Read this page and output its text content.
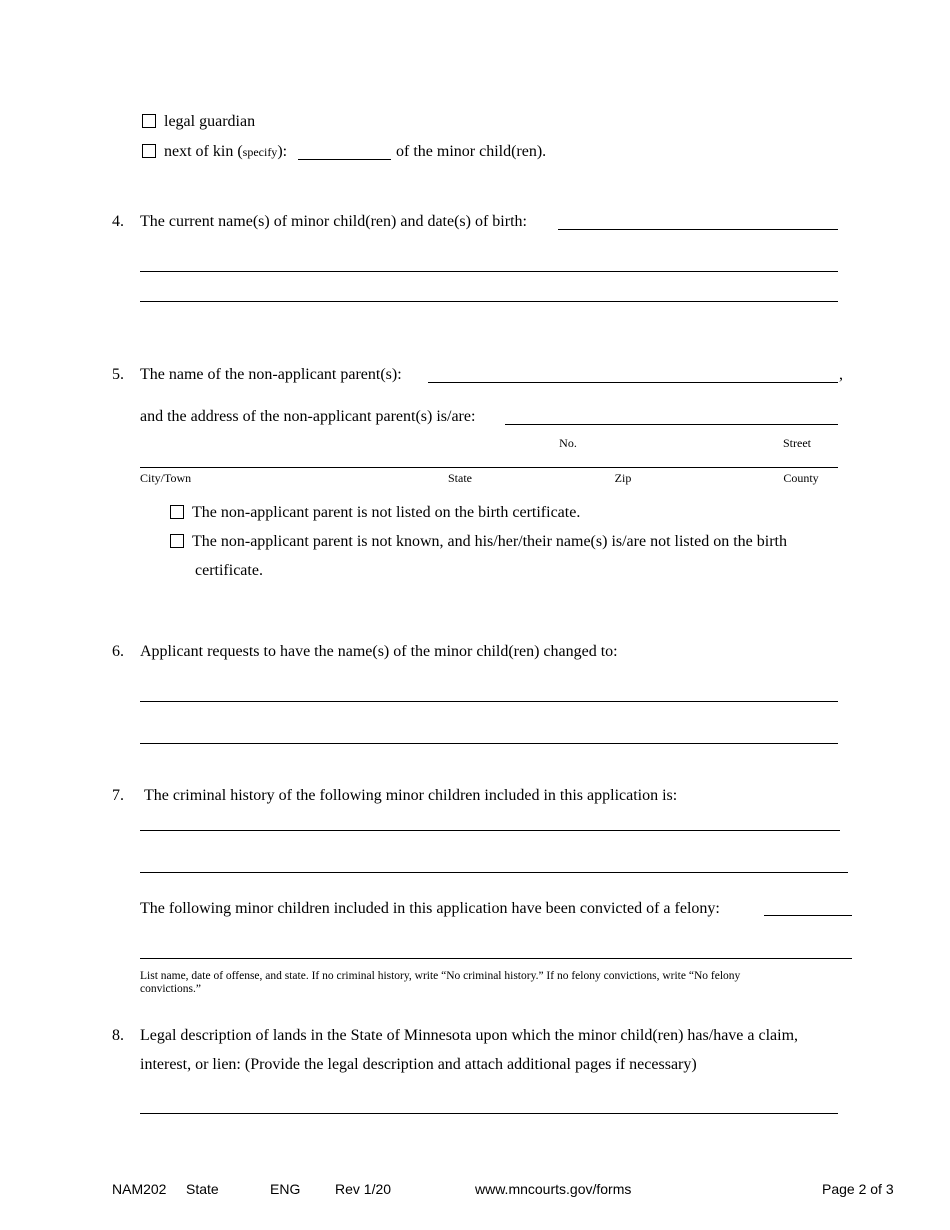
legal guardian
next of kin (specify):	of the minor child(ren).
4. The current name(s) of minor child(ren) and date(s) of birth:
5. The name of the non-applicant parent(s):	,
and the address of the non-applicant parent(s) is/are:
No.	Street
City/Town	State	Zip	County
The non-applicant parent is not listed on the birth certificate.
The non-applicant parent is not known, and his/her/their name(s) is/are not listed on the birth
certificate.
6. Applicant requests to have the name(s) of the minor child(ren) changed to:
7. The criminal history of the following minor children included in this application is:
The following minor children included in this application have been convicted of a felony:
List name, date of offense, and state. If no criminal history, write “No criminal history.” If no felony convictions, write “No felony
convictions.”
8. Legal description of lands in the State of Minnesota upon which the minor child(ren) has/have a claim,
interest, or lien: (Provide the legal description and attach additional pages if necessary)
NAM202 State	ENG Rev 1/20	www.mncourts.gov/forms	Page 2 of 3
